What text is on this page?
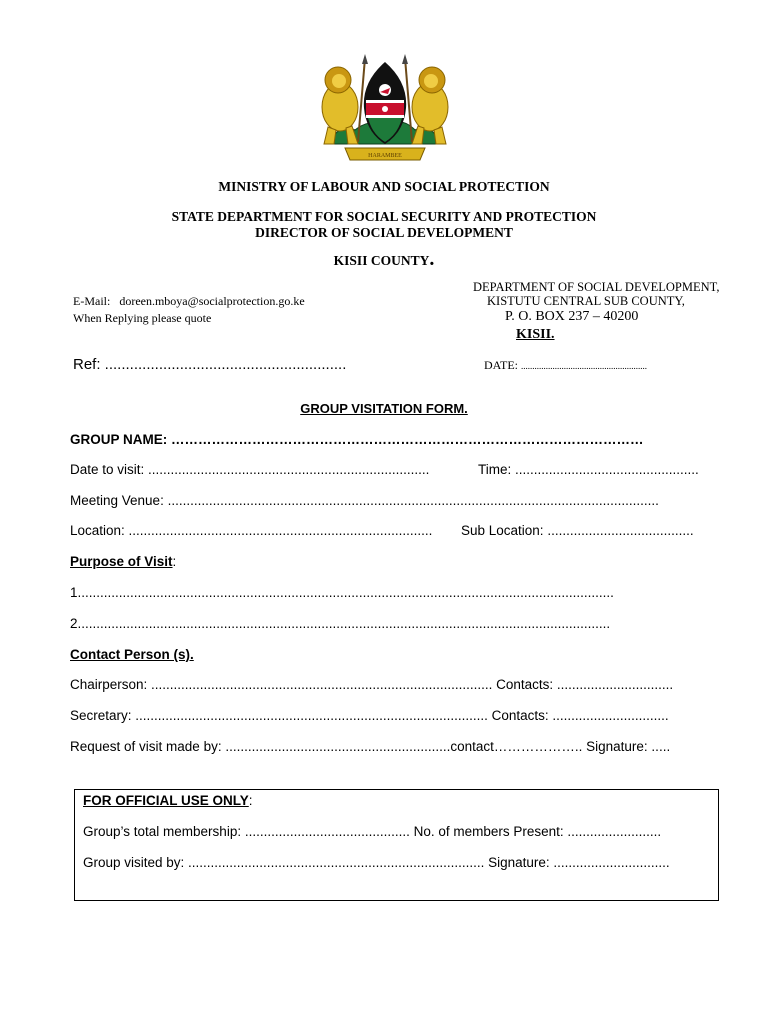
HARAMBEE
MINISTRY OF LABOUR AND SOCIAL PROTECTION
STATE DEPARTMENT FOR SOCIAL SECURITY AND PROTECTION
DIRECTOR OF SOCIAL DEVELOPMENT
KISII COUNTY.
E-Mail: doreen.mboya@socialprotection.go.ke
When Replying please quote
DEPARTMENT OF SOCIAL DEVELOPMENT,
KISTUTU CENTRAL SUB COUNTY,
P. O. BOX 237 – 40200
KISII.
Ref: ..........................................................	DATE: ........................................................
GROUP VISITATION FORM.
GROUP NAME: ……………………………………………………………………………………………
Date to visit: ...........................................................................	Time: .................................................
Meeting Venue: ...................................................................................................................................
Location: ................................................................................. Sub Location: .......................................
Purpose of Visit:
1...............................................................................................................................................
2..............................................................................................................................................
Contact Person (s).
Chairperson: ........................................................................................... Contacts: ...............................
Secretary: .............................................................................................. Contacts: ...............................
Request of visit made by: ............................................................contact……………….. Signature: .....
FOR OFFICIAL USE ONLY:
Group’s total membership: ............................................ No. of members Present: .........................
Group visited by: ............................................................................... Signature: ...............................
